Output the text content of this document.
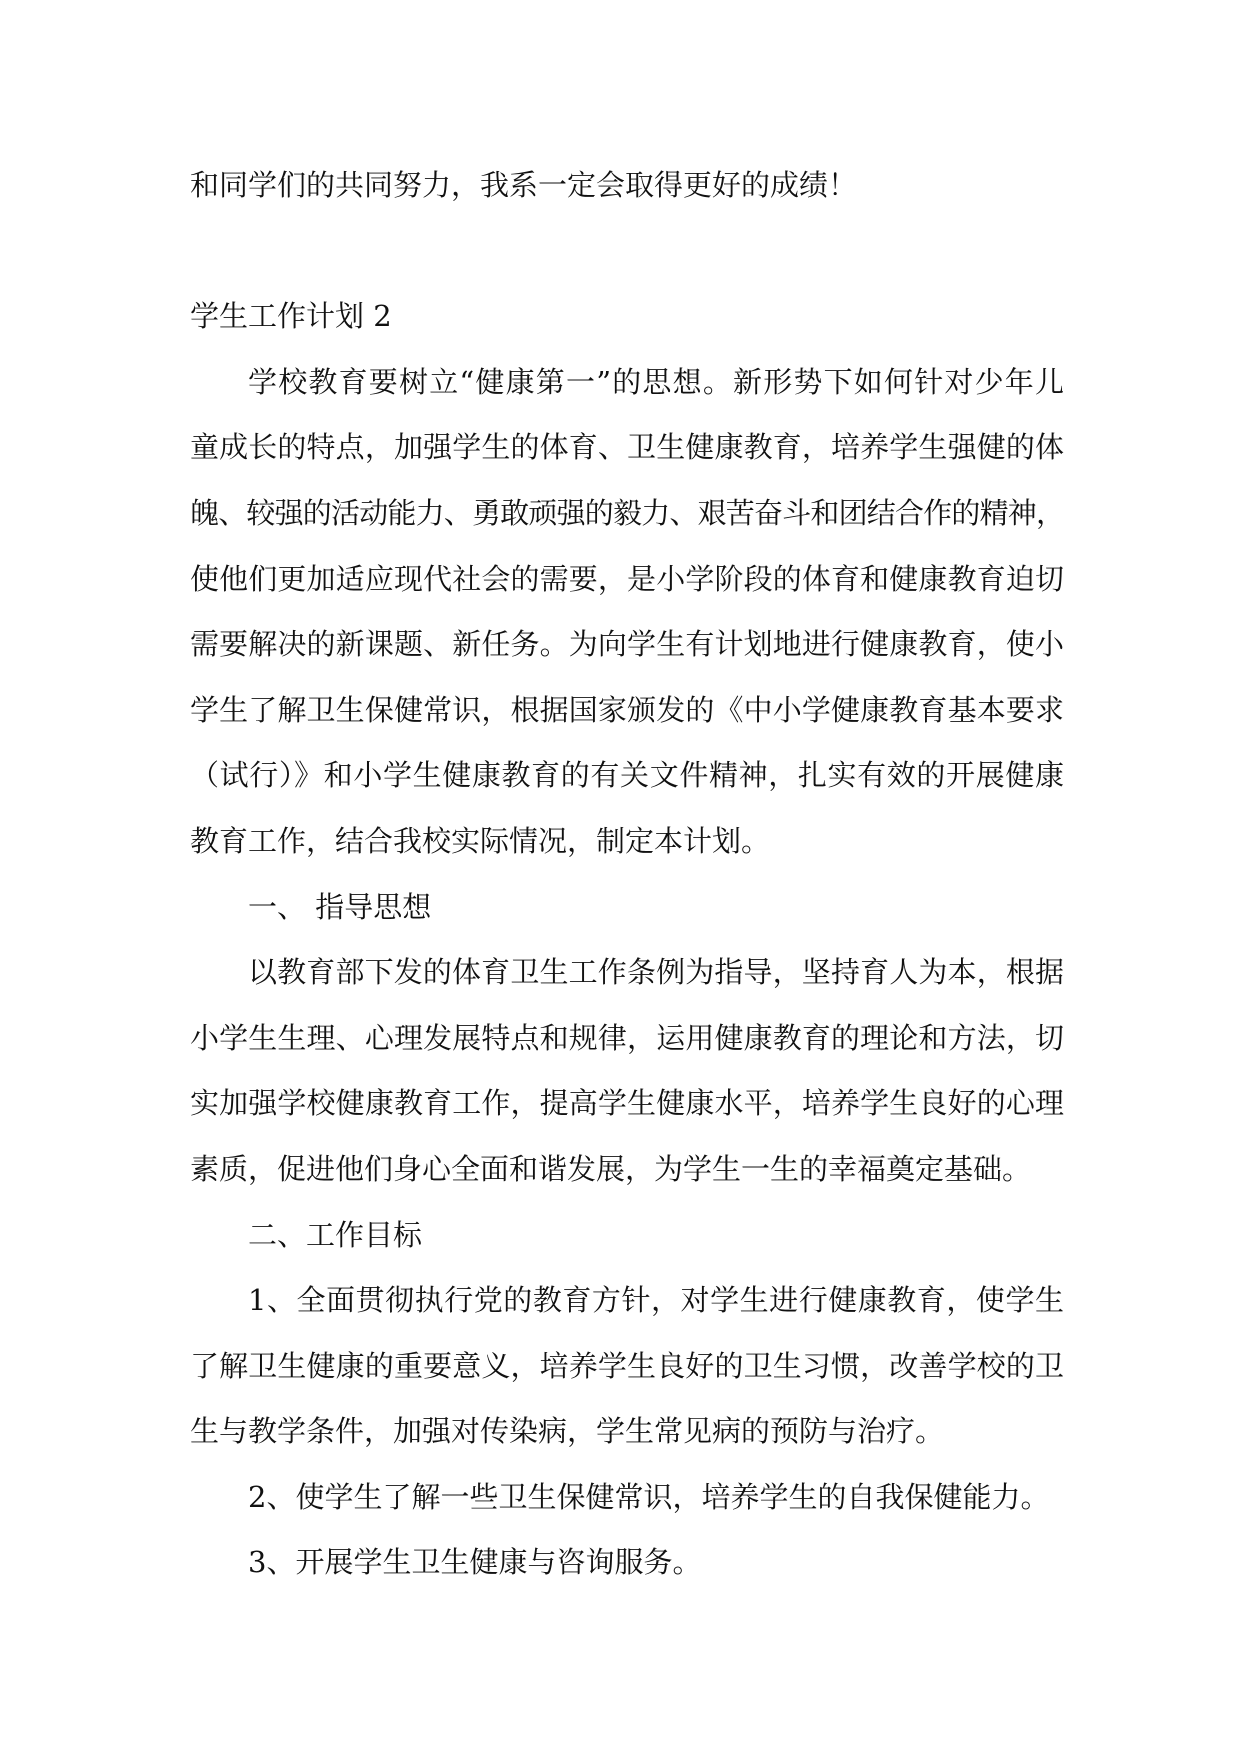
和同学们的共同努力，我系一定会取得更好的成绩！
学生工作计划 2
学校教育要树立“健康第一”的思想。新形势下如何针对少年儿
童成长的特点，加强学生的体育、卫生健康教育，培养学生强健的体
魄、较强的活动能力、勇敢顽强的毅力、艰苦奋斗和团结合作的精神，
使他们更加适应现代社会的需要，是小学阶段的体育和健康教育迫切
需要解决的新课题、新任务。为向学生有计划地进行健康教育，使小
学生了解卫生保健常识，根据国家颁发的《中小学健康教育基本要求
（试行）》和小学生健康教育的有关文件精神，扎实有效的开展健康
教育工作，结合我校实际情况，制定本计划。
一、 指导思想
以教育部下发的体育卫生工作条例为指导，坚持育人为本，根据
小学生生理、心理发展特点和规律，运用健康教育的理论和方法，切
实加强学校健康教育工作，提高学生健康水平，培养学生良好的心理
素质，促进他们身心全面和谐发展，为学生一生的幸福奠定基础。
二、工作目标
1、全面贯彻执行党的教育方针，对学生进行健康教育，使学生
了解卫生健康的重要意义，培养学生良好的卫生习惯，改善学校的卫
生与教学条件，加强对传染病，学生常见病的预防与治疗。
2、使学生了解一些卫生保健常识，培养学生的自我保健能力。
3、开展学生卫生健康与咨询服务。
